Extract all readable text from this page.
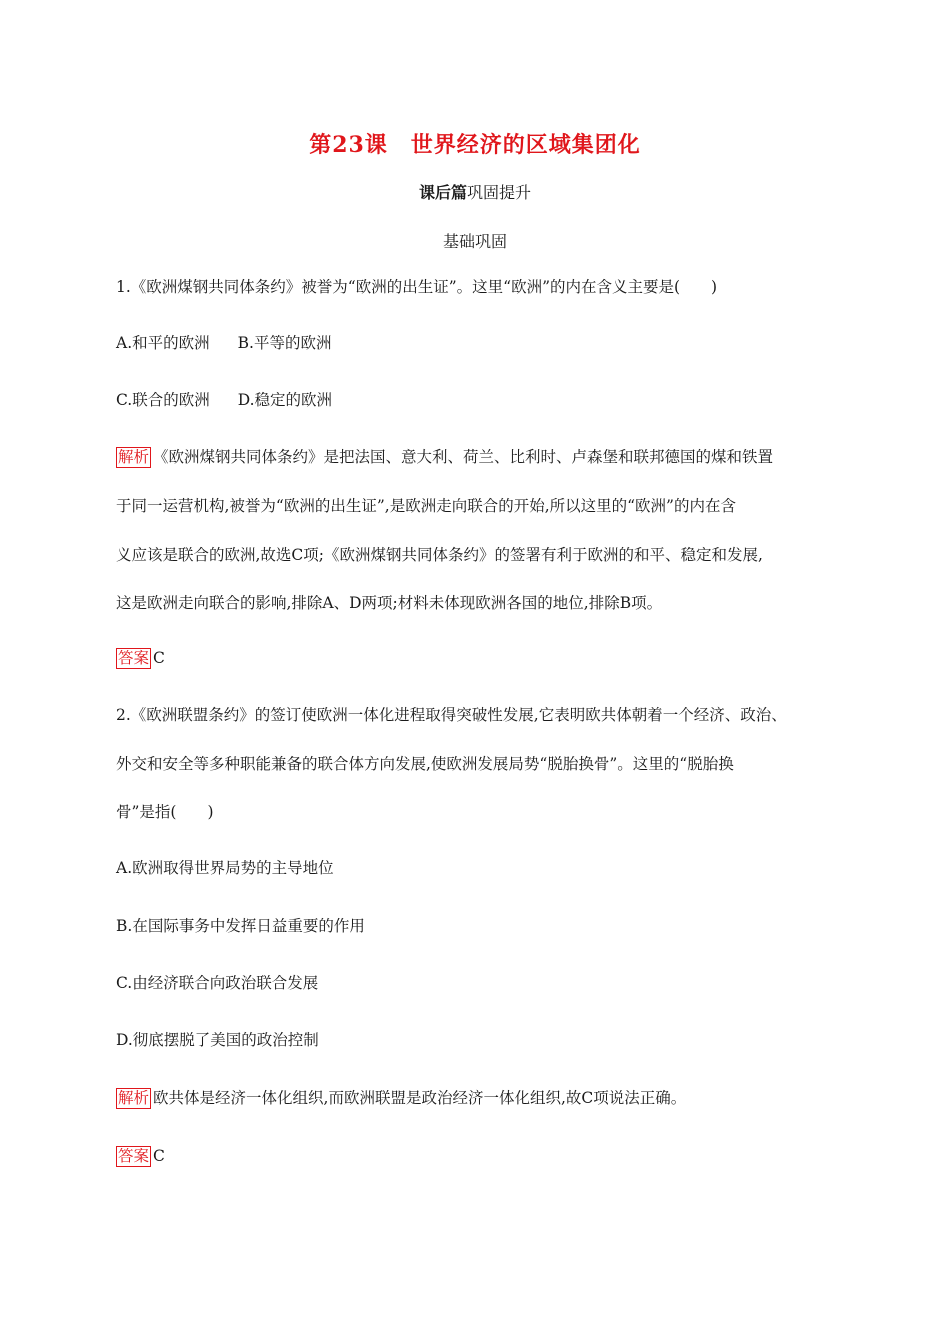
第23课　世界经济的区域集团化
课后篇巩固提升
基础巩固
1.《欧洲煤钢共同体条约》被誉为“欧洲的出生证”。这里“欧洲”的内在含义主要是(　　)
A.和平的欧洲 B.平等的欧洲
C.联合的欧洲 D.稳定的欧洲
解析 《欧洲煤钢共同体条约》是把法国、意大利、荷兰、比利时、卢森堡和联邦德国的煤和铁置
于同一运营机构,被誉为“欧洲的出生证”,是欧洲走向联合的开始,所以这里的“欧洲”的内在含
义应该是联合的欧洲,故选C项;《欧洲煤钢共同体条约》的签署有利于欧洲的和平、稳定和发展,
这是欧洲走向联合的影响,排除A、D两项;材料未体现欧洲各国的地位,排除B项。
答案 C
2.《欧洲联盟条约》的签订使欧洲一体化进程取得突破性发展,它表明欧共体朝着一个经济、政治、
外交和安全等多种职能兼备的联合体方向发展,使欧洲发展局势“脱胎换骨”。这里的“脱胎换
骨”是指(　　)
A.欧洲取得世界局势的主导地位
B.在国际事务中发挥日益重要的作用
C.由经济联合向政治联合发展
D.彻底摆脱了美国的政治控制
解析 欧共体是经济一体化组织,而欧洲联盟是政治经济一体化组织,故C项说法正确。
答案 C
